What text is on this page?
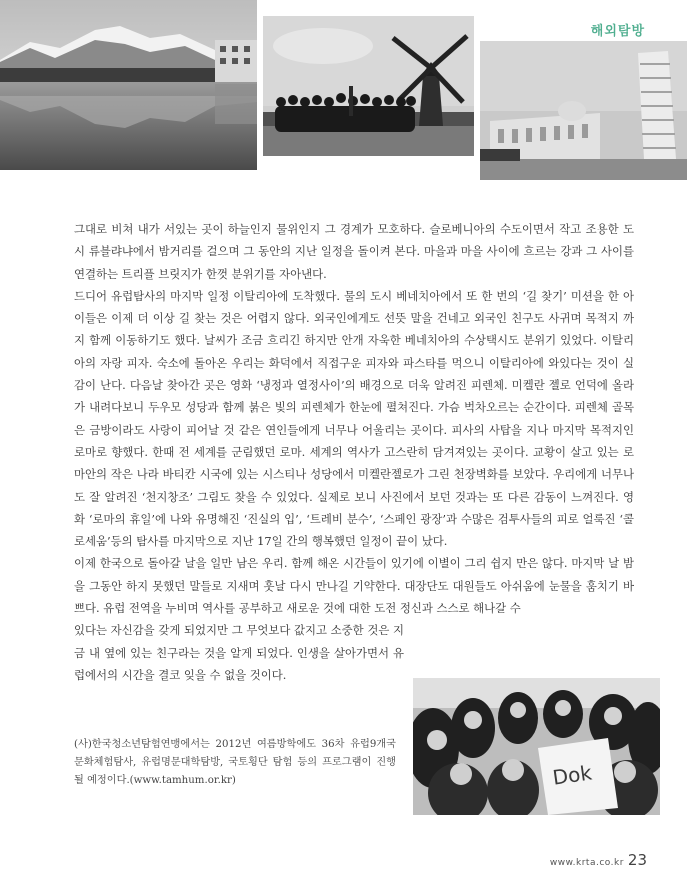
해외탐방

그대로 비쳐 내가 서있는 곳이 하늘인지 물위인지 그 경계가 모호하다. 슬로베니아의 수도이면서 작고 조용한 도시 류블랴냐에서 밤거리를 걸으며 그 동안의 지난 일정을 돌이켜 본다. 마을과 마을 사이에 흐르는 강과 그 사이를 연결하는 트리플 브릿지가 한껏 분위기를 자아낸다.

드디어 유럽탐사의 마지막 일정 이탈리아에 도착했다. 물의 도시 베네치아에서 또 한 번의 ‘길 찾기’ 미션을 한 아이들은 이제 더 이상 길 찾는 것은 어렵지 않다. 외국인에게도 선뜻 말을 건네고 외국인 친구도 사귀며 목적지 까지 함께 이동하기도 했다. 날씨가 조금 흐리긴 하지만 안개 자욱한 베네치아의 수상택시도 분위기 있었다. 이탈리아의 자랑 피자. 숙소에 돌아온 우리는 화덕에서 직접구운 피자와 파스타를 먹으니 이탈리아에 와있다는 것이 실감이 난다. 다음날 찾아간 곳은 영화 ‘냉정과 열정사이’의 배경으로 더욱 알려진 피렌체. 미켈란 젤로 언덕에 올라가 내려다보니 두우모 성당과 함께 붉은 빛의 피렌체가 한눈에 펼쳐진다. 가슴 벅차오르는 순간이다. 피렌체 골목은 금방이라도 사랑이 피어날 것 같은 연인들에게 너무나 어울리는 곳이다. 피사의 사탑을 지나 마지막 목적지인 로마로 향했다. 한때 전 세계를 군림했던 로마. 세계의 역사가 고스란히 담겨져있는 곳이다. 교황이 살고 있는 로마안의 작은 나라 바티칸 시국에 있는 시스티나 성당에서 미켈란젤로가 그린 천장벽화를 보았다. 우리에게 너무나도 잘 알려진 ‘천지창조’ 그림도 찾을 수 있었다. 실제로 보니 사진에서 보던 것과는 또 다른 감동이 느껴진다. 영화 ‘로마의 휴일’에 나와 유명해진 ‘진실의 입’, ‘트레비 분수’, ‘스페인 광장’과 수많은 검투사들의 피로 얼룩진 ‘콜로세움’등의 탐사를 마지막으로 지난 17일 간의 행복했던 일정이 끝이 났다.

이제 한국으로 돌아갈 날을 일만 남은 우리. 함께 해온 시간들이 있기에 이별이 그리 쉽지 만은 않다. 마지막 날 밤을 그동안 하지 못했던 말들로 지새며 훗날 다시 만나길 기약한다. 대장단도 대원들도 아쉬움에 눈물을 훔치기 바쁘다. 유럽 전역을 누비며 역사를 공부하고 새로운 것에 대한 도전 정신과 스스로 해나갈 수

있다는 자신감을 갖게 되었지만 그 무엇보다 값지고 소중한 것은 지금 내 옆에 있는 친구라는 것을 알게 되었다. 인생을 살아가면서 유럽에서의 시간을 결코 잊을 수 없을 것이다.

Dok
(사)한국청소년탐험연맹에서는 2012년 여름방학에도 36차 유럽9개국문화체험탐사, 유럽명문대학탐방, 국토횡단 탐험 등의 프로그램이 진행 될 예정이다.(www.tamhum.or.kr)
www.krta.co.kr 23
